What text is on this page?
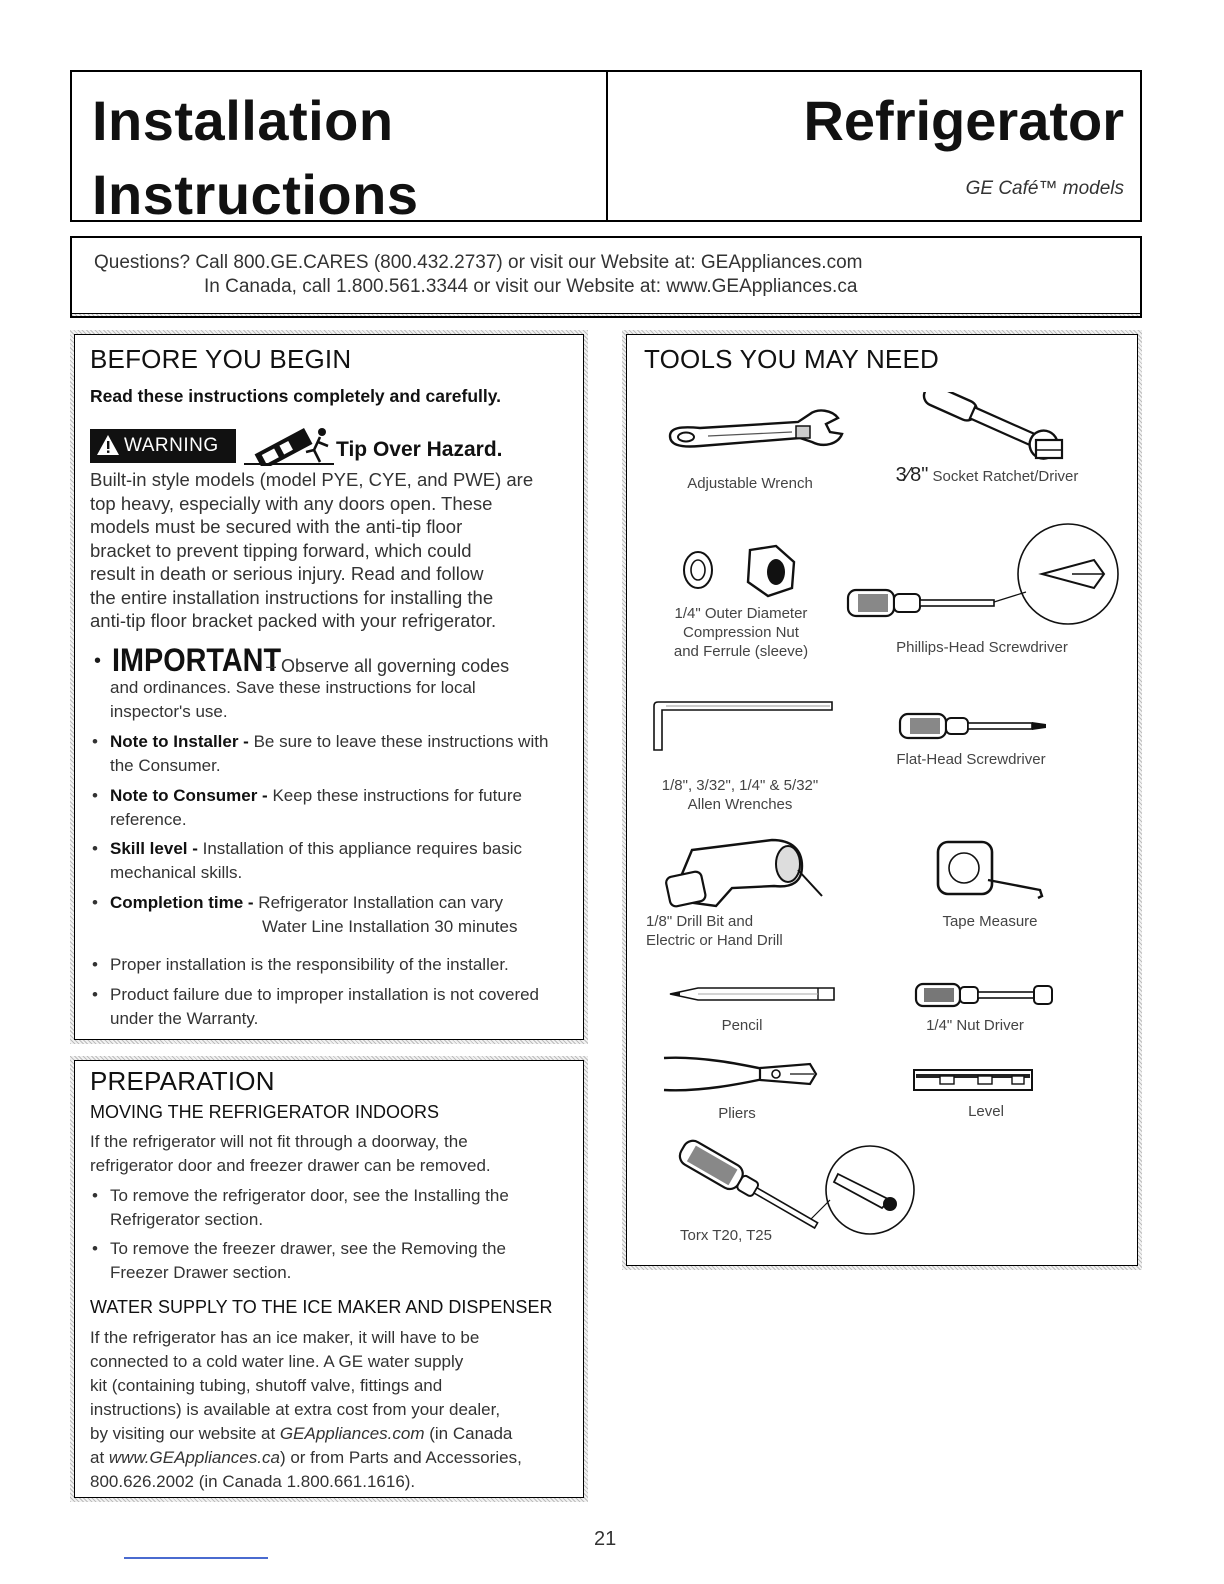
Installation
Instructions
Refrigerator
GE Café™ models
Questions? Call 800.GE.CARES (800.432.2737) or visit our Website at: GEAppliances.com
In Canada, call 1.800.561.3344 or visit our Website at: www.GEAppliances.ca
BEFORE YOU BEGIN
Read these instructions completely and carefully.
WARNING	Tip Over Hazard.

Built-in style models (model PYE, CYE, and PWE) are

top heavy, especially with any doors open. These

models must be secured with the anti-tip floor

bracket to prevent tipping forward, which could

result in death or serious injury. Read and follow

the entire installation instructions for installing the

anti-tip floor bracket packed with your refrigerator.

• IMPORTANT
– Observe all governing codes
and ordinances. Save these instructions for local
inspector's use.
• Note to Installer - Be sure to leave these instructions with
the Consumer.
• Note to Consumer - Keep these instructions for future
reference.
• Skill level - Installation of this appliance requires basic
mechanical skills.
• Completion time - Refrigerator Installation can vary
Water Line Installation 30 minutes
• Proper installation is the responsibility of the installer.
• Product failure due to improper installation is not covered
under the Warranty.
PREPARATION
MOVING THE REFRIGERATOR INDOORS
If the refrigerator will not fit through a doorway, the
refrigerator door and freezer drawer can be removed.
• To remove the refrigerator door, see the Installing the
Refrigerator section.
• To remove the freezer drawer, see the Removing the
Freezer Drawer section.
WATER SUPPLY TO THE ICE MAKER AND DISPENSER
If the refrigerator has an ice maker, it will have to be
connected to a cold water line. A GE water supply
kit (containing tubing, shutoff valve, fittings and
instructions) is available at extra cost from your dealer,
by visiting our website at GEAppliances.com (in Canada
at www.GEAppliances.ca) or from Parts and Accessories,
800.626.2002 (in Canada 1.800.661.1616).
TOOLS YOU MAY NEED
Adjustable Wrench	3⁄8" Socket Ratchet/Driver
1/4" Outer Diameter
Compression Nut
and Ferrule (sleeve)	Phillips-Head Screwdriver
1/8", 3/32", 1/4" & 5/32"
Allen Wrenches
Flat-Head Screwdriver
1/8" Drill Bit and
Electric or Hand Drill
Tape Measure
Pencil	1/4" Nut Driver
Pliers	Level
Torx T20, T25
21
